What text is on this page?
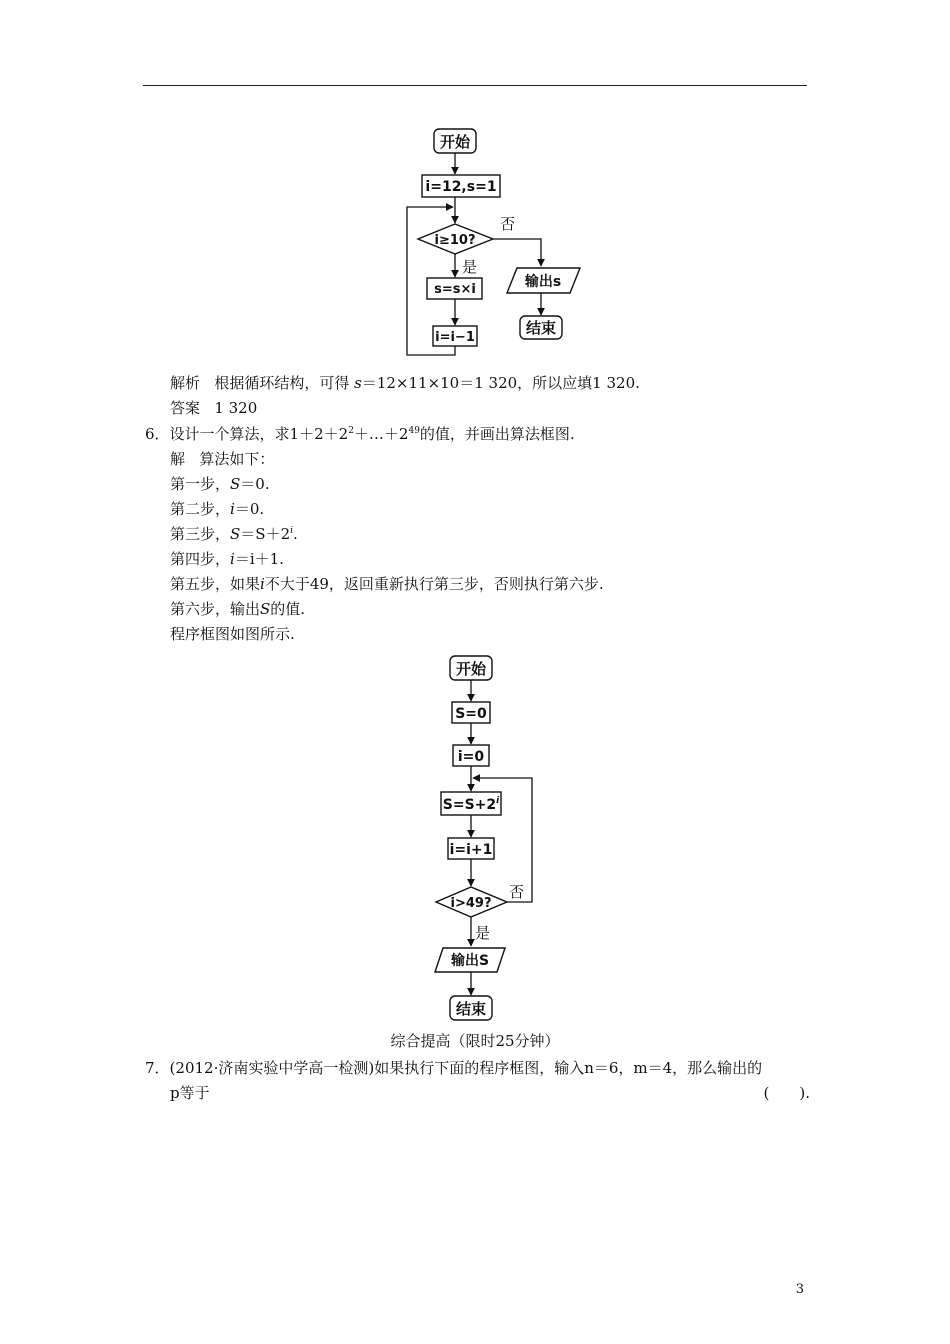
开始
i=12,s=1
i≥10?
否
是
s=s×i
i=i−1
输出s
结束
解析 根据循环结构，可得 s＝12×11×10＝1 320，所以应填1 320.
答案 1 320
6．设计一个算法，求$1+2+2^2+\dots+2^{49}$的值，并画出算法框图.
解 算法如下：
第一步，S＝0.
第二步，i＝0.
第三步，$S=S+2^i$.
第四步，i＝i＋1.
第五步，如果i不大于49，返回重新执行第三步，否则执行第六步.
第六步，输出S的值.
程序框图如图所示.
开始
S=0
i=0
$S=S+2^i$
i=i+1
i>49?
否
是
输出S
结束
综合提高（限时25分钟）
7．(2012·济南实验中学高一检测)如果执行下面的程序框图，输入n＝6，m＝4，那么输出的
p等于	(　　).
3
